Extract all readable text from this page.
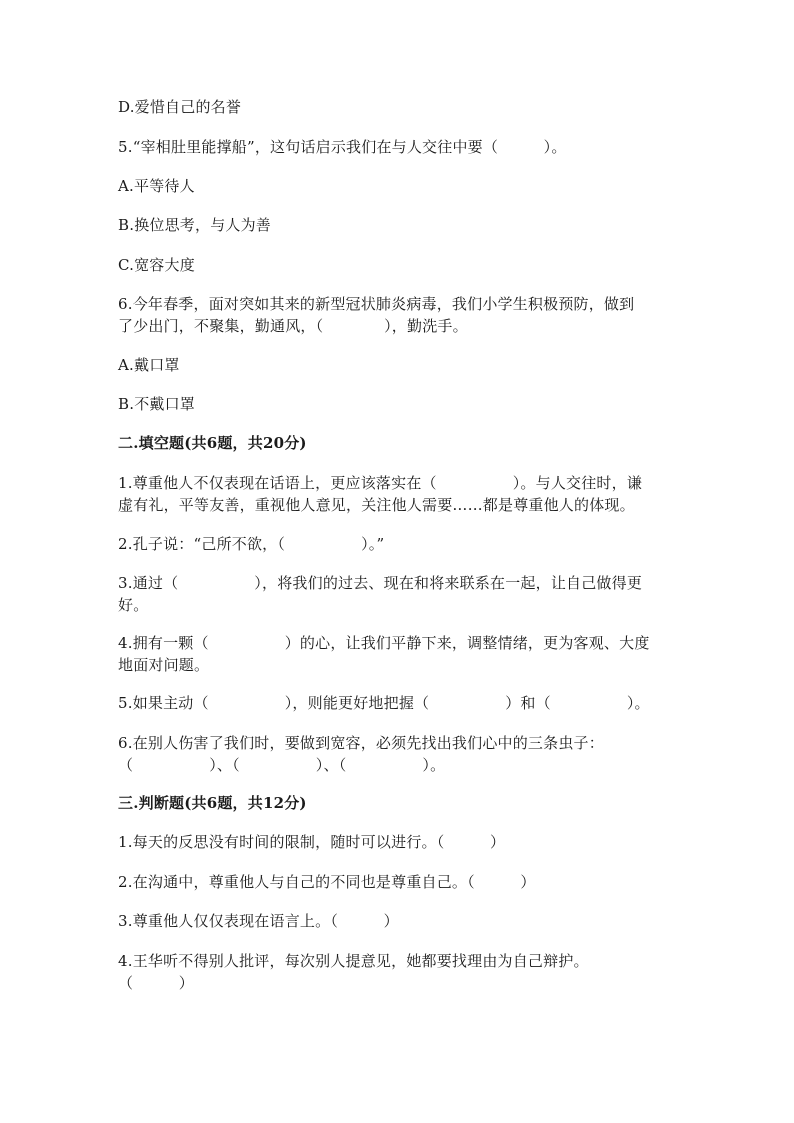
D.爱惜自己的名誉
5.“宰相肚里能撑船”，这句话启示我们在与人交往中要（　　　）。
A.平等待人
B.换位思考，与人为善
C.宽容大度
6.今年春季，面对突如其来的新型冠状肺炎病毒，我们小学生积极预防，做到
了少出门，不聚集，勤通风，（　　　　），勤洗手。
A.戴口罩
B.不戴口罩
二.填空题(共6题，共20分)
1.尊重他人不仅表现在话语上，更应该落实在（　　　　　）。与人交往时，谦
虚有礼，平等友善，重视他人意见，关注他人需要……都是尊重他人的体现。
2.孔子说：“己所不欲，（　　　　　）。”
3.通过（　　　　　），将我们的过去、现在和将来联系在一起，让自己做得更
好。
4.拥有一颗（　　　　　）的心，让我们平静下来，调整情绪，更为客观、大度
地面对问题。
5.如果主动（　　　　　），则能更好地把握（　　　　　）和（　　　　　）。
6.在别人伤害了我们时，要做到宽容，必须先找出我们心中的三条虫子：
（　　　　　）、（　　　　　）、（　　　　　）。
三.判断题(共6题，共12分)
1.每天的反思没有时间的限制，随时可以进行。（　　　）
2.在沟通中，尊重他人与自己的不同也是尊重自己。（　　　）
3.尊重他人仅仅表现在语言上。（　　　）
4.王华听不得别人批评，每次别人提意见，她都要找理由为自己辩护。
（　　　）
